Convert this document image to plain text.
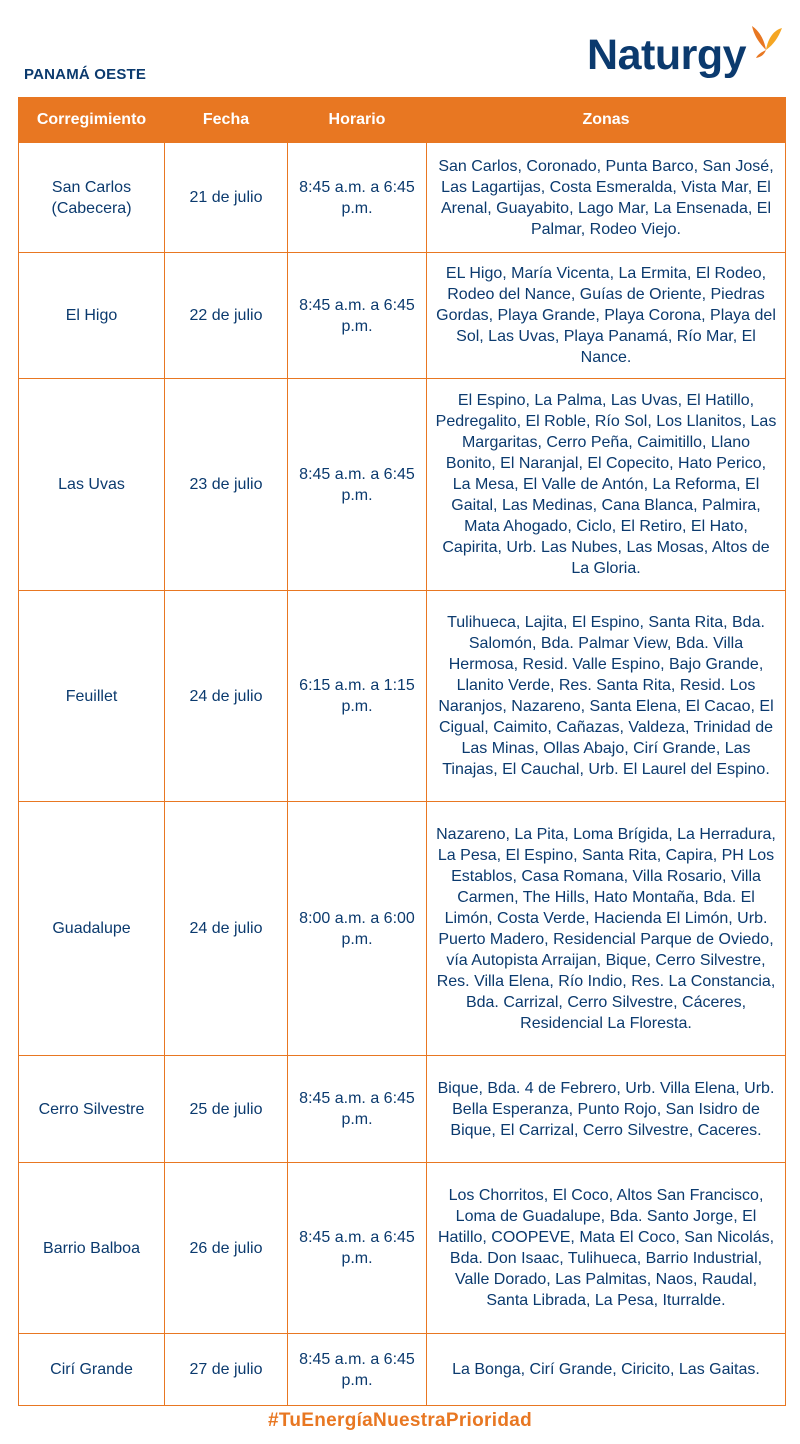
PANAMÁ OESTE	Naturgy
Corregimiento	Fecha	Horario	Zonas
San Carlos (Cabecera)	21 de julio	8:45 a.m. a 6:45 p.m.	San Carlos, Coronado, Punta Barco, San José, Las Lagartijas, Costa Esmeralda, Vista Mar, El Arenal, Guayabito, Lago Mar, La Ensenada, El Palmar, Rodeo Viejo.
El Higo	22 de julio	8:45 a.m. a 6:45 p.m.	EL Higo, María Vicenta, La Ermita, El Rodeo, Rodeo del Nance, Guías de Oriente, Piedras Gordas, Playa Grande, Playa Corona, Playa del Sol, Las Uvas, Playa Panamá, Río Mar, El Nance.
Las Uvas	23 de julio	8:45 a.m. a 6:45 p.m.	El Espino, La Palma, Las Uvas, El Hatillo, Pedregalito, El Roble, Río Sol, Los Llanitos, Las Margaritas, Cerro Peña, Caimitillo, Llano Bonito, El Naranjal, El Copecito, Hato Perico, La Mesa, El Valle de Antón, La Reforma, El Gaital, Las Medinas, Cana Blanca, Palmira, Mata Ahogado, Ciclo, El Retiro, El Hato, Capirita, Urb. Las Nubes, Las Mosas, Altos de La Gloria.
Feuillet	24 de julio	6:15 a.m. a 1:15 p.m.	Tulihueca, Lajita, El Espino, Santa Rita, Bda. Salomón, Bda. Palmar View, Bda. Villa Hermosa, Resid. Valle Espino, Bajo Grande, Llanito Verde, Res. Santa Rita, Resid. Los Naranjos, Nazareno, Santa Elena, El Cacao, El Cigual, Caimito, Cañazas, Valdeza, Trinidad de Las Minas, Ollas Abajo, Cirí Grande, Las Tinajas, El Cauchal, Urb. El Laurel del Espino.
Guadalupe	24 de julio	8:00 a.m. a 6:00 p.m.	Nazareno, La Pita, Loma Brígida, La Herradura, La Pesa, El Espino, Santa Rita, Capira, PH Los Establos, Casa Romana, Villa Rosario, Villa Carmen, The Hills, Hato Montaña, Bda. El Limón, Costa Verde, Hacienda El Limón, Urb. Puerto Madero, Residencial Parque de Oviedo, vía Autopista Arraijan, Bique, Cerro Silvestre, Res. Villa Elena, Río Indio, Res. La Constancia, Bda. Carrizal, Cerro Silvestre, Cáceres, Residencial La Floresta.
Cerro Silvestre	25 de julio	8:45 a.m. a 6:45 p.m.	Bique, Bda. 4 de Febrero, Urb. Villa Elena, Urb. Bella Esperanza, Punto Rojo, San Isidro de Bique, El Carrizal, Cerro Silvestre, Caceres.
Barrio Balboa	26 de julio	8:45 a.m. a 6:45 p.m.	Los Chorritos, El Coco, Altos San Francisco, Loma de Guadalupe, Bda. Santo Jorge, El Hatillo, COOPEVE, Mata El Coco, San Nicolás, Bda. Don Isaac, Tulihueca, Barrio Industrial, Valle Dorado, Las Palmitas, Naos, Raudal, Santa Librada, La Pesa, Iturralde.
Cirí Grande	27 de julio	8:45 a.m. a 6:45 p.m.	La Bonga, Cirí Grande, Ciricito, Las Gaitas.
#TuEnergíaNuestraPrioridad
